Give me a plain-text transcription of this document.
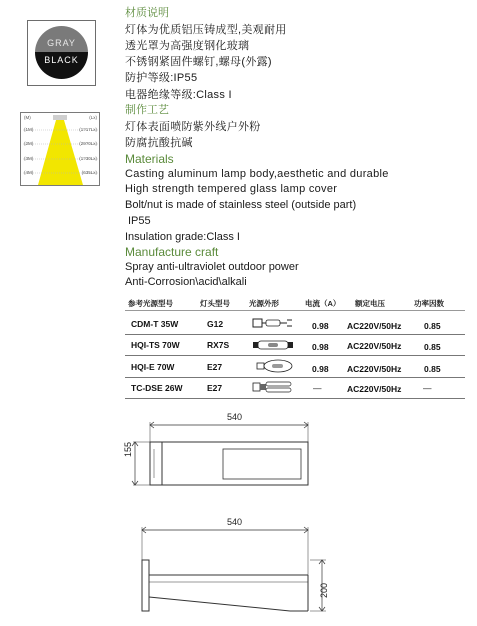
GRAY
BLACK
(M)	(Lx)
(1M)	(1?17Lx)
(2M)	(29?0Lx)
(3M)	(1?30Lx)
(4M)	(635Lx)
材质说明
灯体为优质铝压铸成型,美观耐用
透光罩为高强度钢化玻璃
不锈钢紧固件螺钉,螺母(外露)
防护等级:IP55
电器绝缘等级:Class I
制作工艺
灯体表面喷防紫外线户外粉
防腐抗酸抗碱
Materials
Casting aluminum lamp body,aesthetic and durable
High strength tempered glass lamp cover
Bolt/nut is made of stainless steel (outside part)
IP55
Insulation grade:Class I
Manufacture craft
Spray anti-ultraviolet outdoor power
Anti-Corrosion\acid\alkali
参考光源型号	灯头型号	光源外形	电流（A） 额定电压	功率因数
CDM-T 35W	G12	0.98 AC220V/50Hz	0.85
HQI-TS 70W	RX7S	0.98 AC220V/50Hz	0.85
HQI-E 70W	E27	0.98 AC220V/50Hz	0.85
TC-DSE 26W	E27	—	AC220V/50Hz	—
540
155
540
200
